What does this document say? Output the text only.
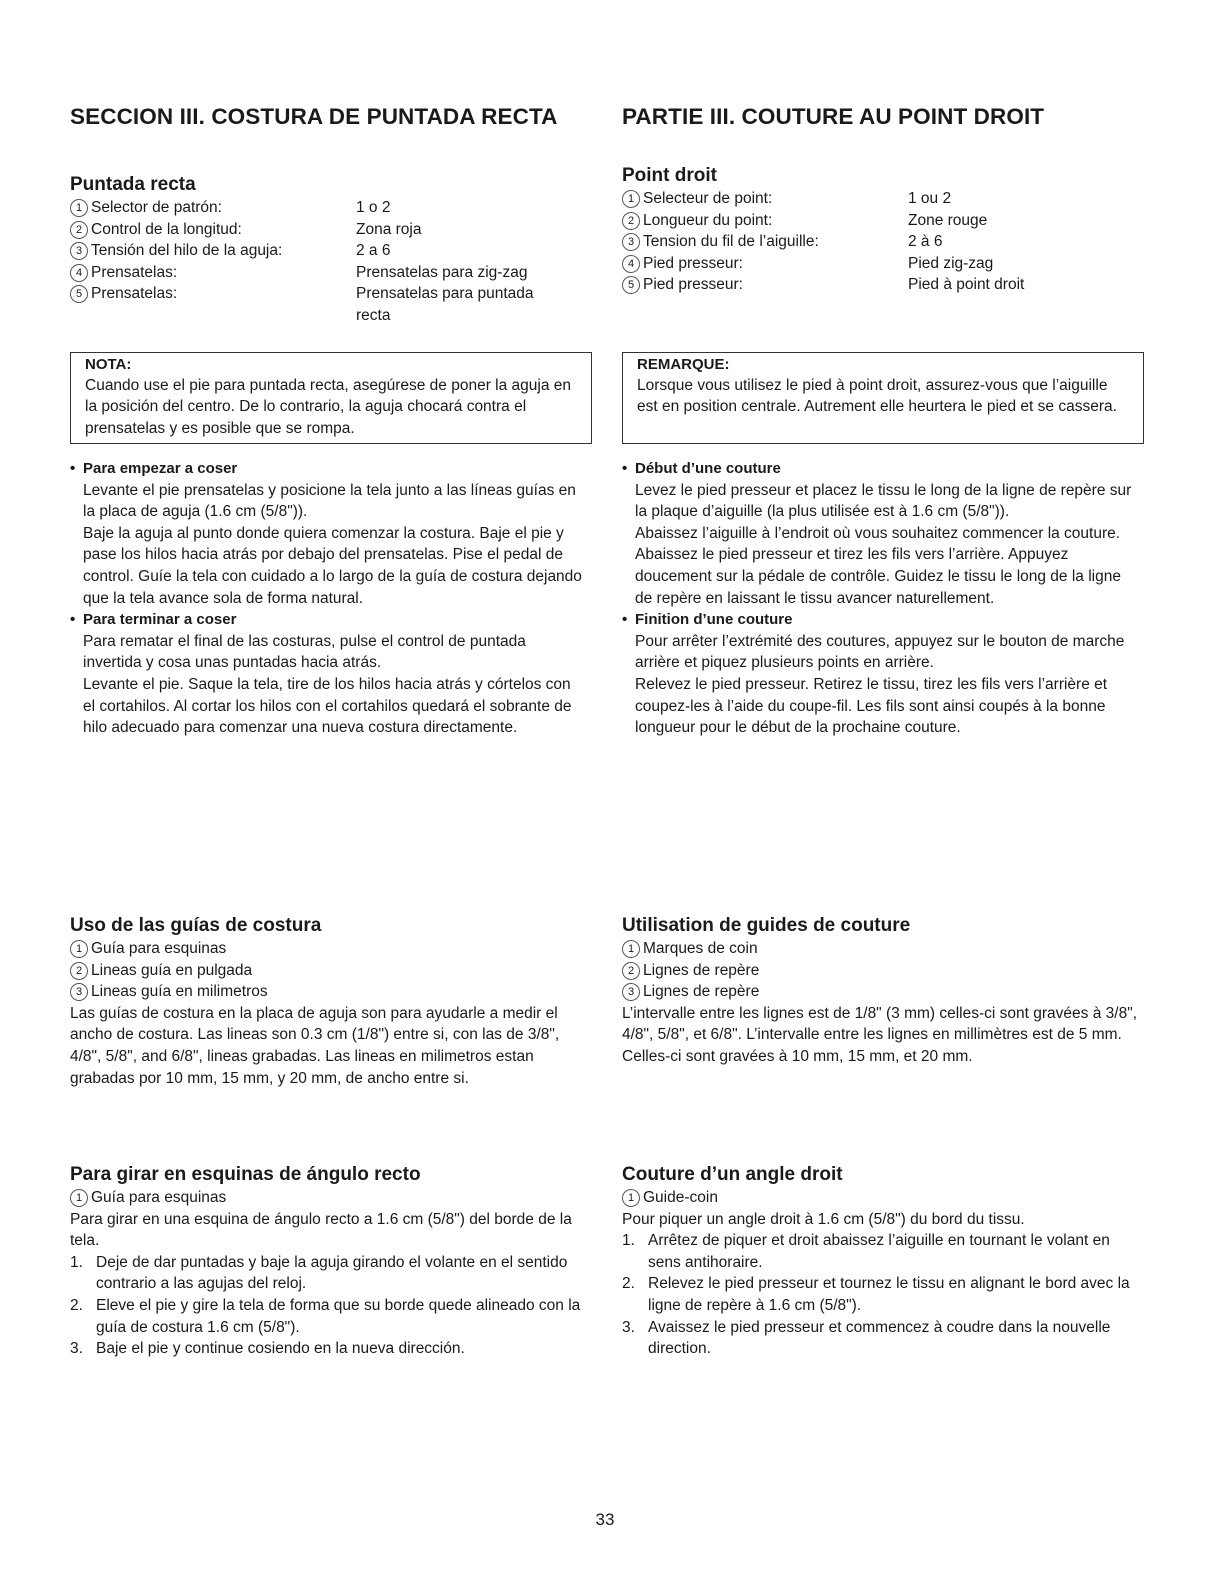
SECCION III. COSTURA DE PUNTADA RECTA	PARTIE III. COUTURE AU POINT DROIT
Puntada recta
1 Selector de patrón:	1 o 2
2 Control de la longitud:	Zona roja
3 Tensión del hilo de la aguja:	2 a 6
4 Prensatelas:	Prensatelas para zig-zag
5 Prensatelas:	Prensatelas para puntada recta
Point droit
1 Selecteur de point:	1 ou 2
2 Longueur du point:	Zone rouge
3 Tension du fil de l’aiguille:	2 à 6
4 Pied presseur:	Pied zig-zag
5 Pied presseur:	Pied à point droit
NOTA:
Cuando use el pie para puntada recta, asegúrese de poner la aguja en la posición del centro. De lo contrario, la aguja chocará contra el prensatelas y es posible que se rompa.
REMARQUE:
Lorsque vous utilisez le pied à point droit, assurez-vous que l’aiguille est en position centrale. Autrement elle heurtera le pied et se cassera.
• Para empezar a coser
Levante el pie prensatelas y posicione la tela junto a las líneas guías en la placa de aguja (1.6 cm (5/8")).
Baje la aguja al punto donde quiera comenzar la costura. Baje el pie y pase los hilos hacia atrás por debajo del prensatelas. Pise el pedal de control. Guíe la tela con cuidado a lo largo de la guía de costura dejando que la tela avance sola de forma natural.
• Para terminar a coser
Para rematar el final de las costuras, pulse el control de puntada invertida y cosa unas puntadas hacia atrás.
Levante el pie. Saque la tela, tire de los hilos hacia atrás y córtelos con el cortahilos. Al cortar los hilos con el cortahilos quedará el sobrante de hilo adecuado para comenzar una nueva costura directamente.
• Début d’une couture
Levez le pied presseur et placez le tissu le long de la ligne de repère sur la plaque d’aiguille (la plus utilisée est à 1.6 cm (5/8")).
Abaissez l’aiguille à l’endroit où vous souhaitez commencer la couture. Abaissez le pied presseur et tirez les fils vers l’arrière. Appuyez doucement sur la pédale de contrôle. Guidez le tissu le long de la ligne de repère en laissant le tissu avancer naturellement.
• Finition d’une couture
Pour arrêter l’extrémité des coutures, appuyez sur le bouton de marche arrière et piquez plusieurs points en arrière.
Relevez le pied presseur. Retirez le tissu, tirez les fils vers l’arrière et coupez-les à l’aide du coupe-fil. Les fils sont ainsi coupés à la bonne longueur pour le début de la prochaine couture.
Uso de las guías de costura
1 Guía para esquinas
2 Lineas guía en pulgada
3 Lineas guía en milimetros
Las guías de costura en la placa de aguja son para ayudarle a medir el ancho de costura. Las lineas son 0.3 cm (1/8") entre si, con las de 3/8", 4/8", 5/8", and 6/8", lineas grabadas. Las lineas en milimetros estan grabadas por 10 mm, 15 mm, y 20 mm, de ancho entre si.
Utilisation de guides de couture
1 Marques de coin
2 Lignes de repère
3 Lignes de repère
L’intervalle entre les lignes est de 1/8" (3 mm) celles-ci sont gravées à 3/8", 4/8", 5/8", et 6/8". L’intervalle entre les lignes en millimètres est de 5 mm. Celles-ci sont gravées à 10 mm, 15 mm, et 20 mm.
Para girar en esquinas de ángulo recto
1 Guía para esquinas
Para girar en una esquina de ángulo recto a 1.6 cm (5/8") del borde de la tela.
1. Deje de dar puntadas y baje la aguja girando el volante en el sentido contrario a las agujas del reloj.
2. Eleve el pie y gire la tela de forma que su borde quede alineado con la guía de costura 1.6 cm (5/8").
3. Baje el pie y continue cosiendo en la nueva dirección.
Couture d’un angle droit
1 Guide-coin
Pour piquer un angle droit à 1.6 cm (5/8") du bord du tissu.
1. Arrêtez de piquer et droit abaissez l’aiguille en tournant le volant en sens antihoraire.
2. Relevez le pied presseur et tournez le tissu en alignant le bord avec la ligne de repère à 1.6 cm (5/8").
3. Avaissez le pied presseur et commencez à coudre dans la nouvelle direction.
33
